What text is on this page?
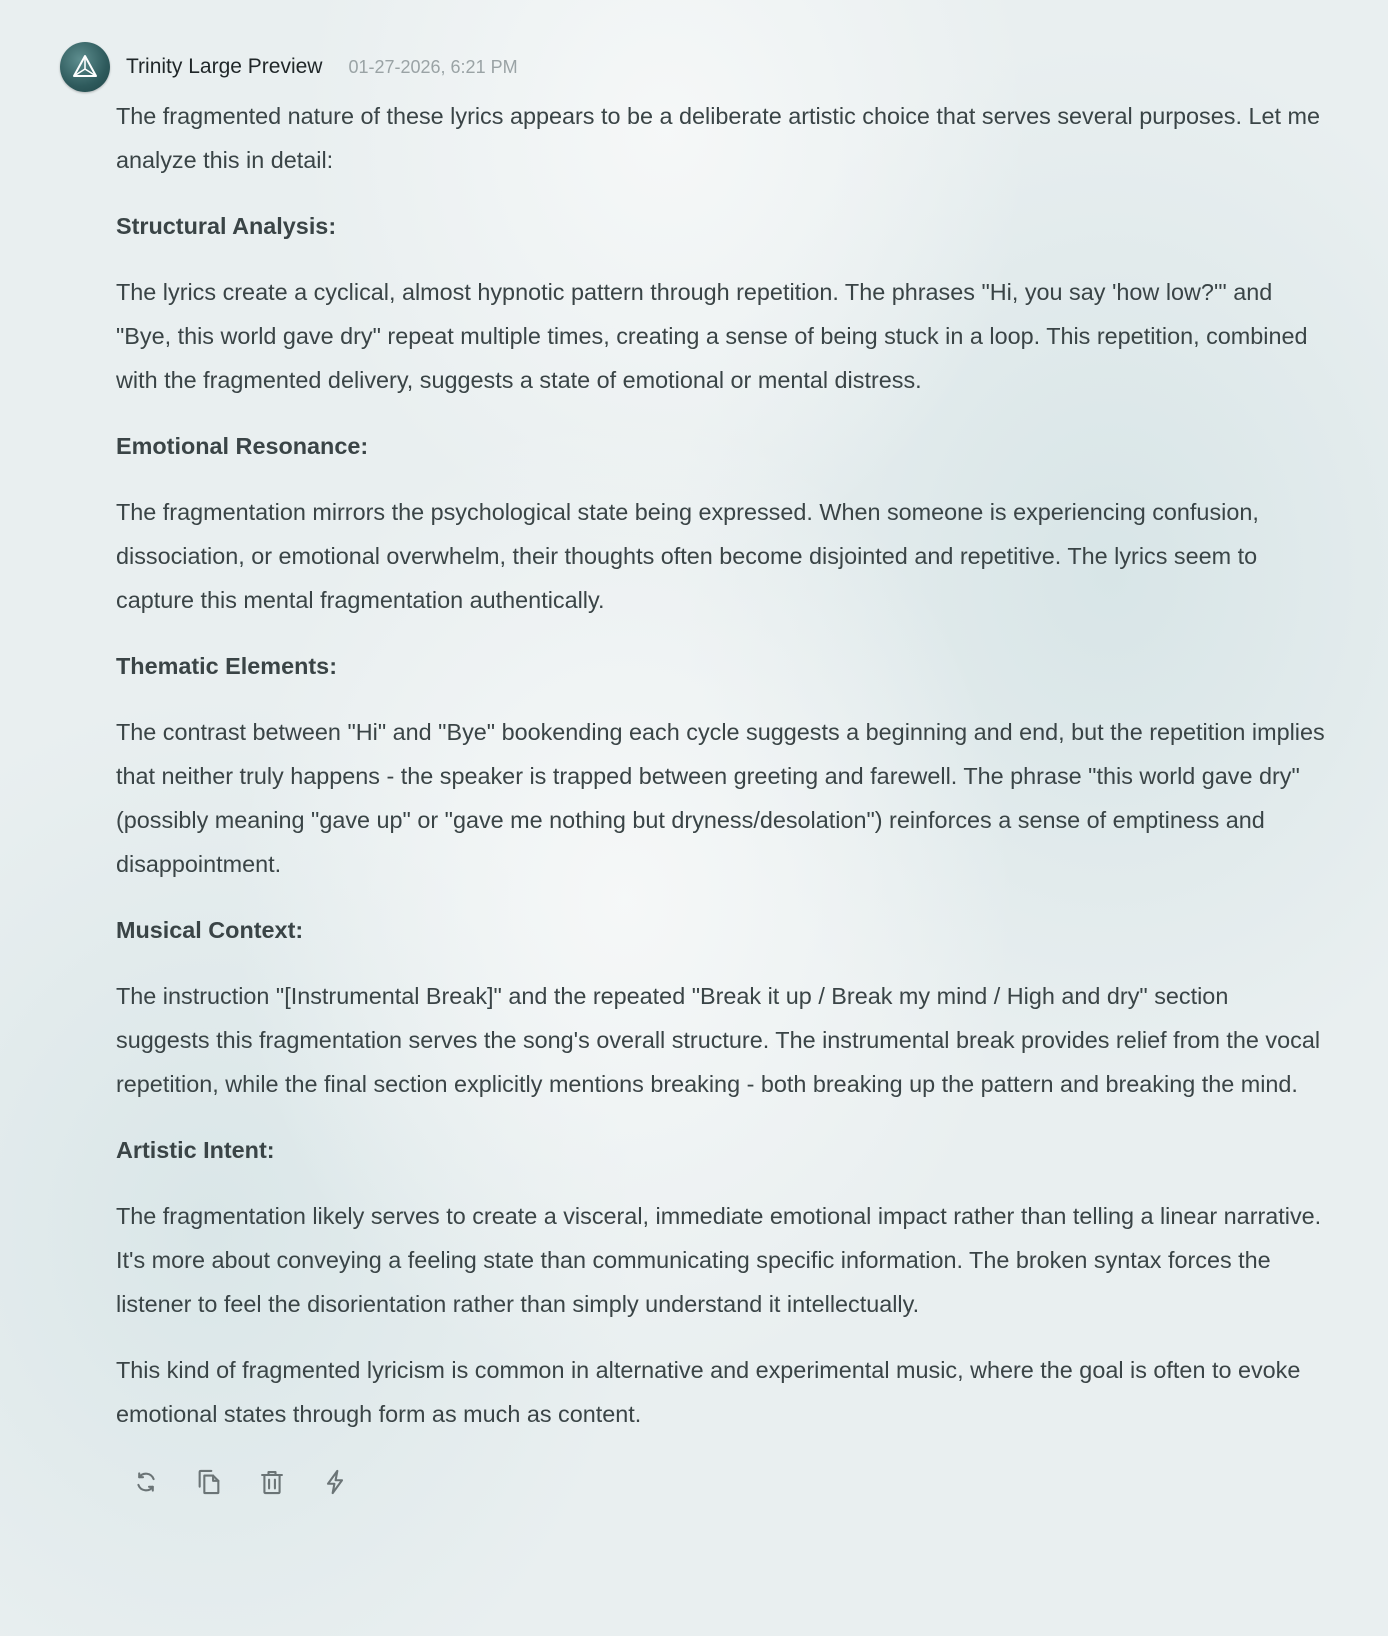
Trinity Large Preview 01-27-2026, 6:21 PM

The fragmented nature of these lyrics appears to be a deliberate artistic choice that serves several purposes. Let me analyze this in detail:

Structural Analysis:

The lyrics create a cyclical, almost hypnotic pattern through repetition. The phrases "Hi, you say 'how low?'" and "Bye, this world gave dry" repeat multiple times, creating a sense of being stuck in a loop. This repetition, combined with the fragmented delivery, suggests a state of emotional or mental distress.

Emotional Resonance:

The fragmentation mirrors the psychological state being expressed. When someone is experiencing confusion, dissociation, or emotional overwhelm, their thoughts often become disjointed and repetitive. The lyrics seem to capture this mental fragmentation authentically.

Thematic Elements:

The contrast between "Hi" and "Bye" bookending each cycle suggests a beginning and end, but the repetition implies that neither truly happens - the speaker is trapped between greeting and farewell. The phrase "this world gave dry" (possibly meaning "gave up" or "gave me nothing but dryness/desolation") reinforces a sense of emptiness and disappointment.

Musical Context:

The instruction "[Instrumental Break]" and the repeated "Break it up / Break my mind / High and dry" section suggests this fragmentation serves the song's overall structure. The instrumental break provides relief from the vocal repetition, while the final section explicitly mentions breaking - both breaking up the pattern and breaking the mind.

Artistic Intent:

The fragmentation likely serves to create a visceral, immediate emotional impact rather than telling a linear narrative. It's more about conveying a feeling state than communicating specific information. The broken syntax forces the listener to feel the disorientation rather than simply understand it intellectually.

This kind of fragmented lyricism is common in alternative and experimental music, where the goal is often to evoke emotional states through form as much as content.
